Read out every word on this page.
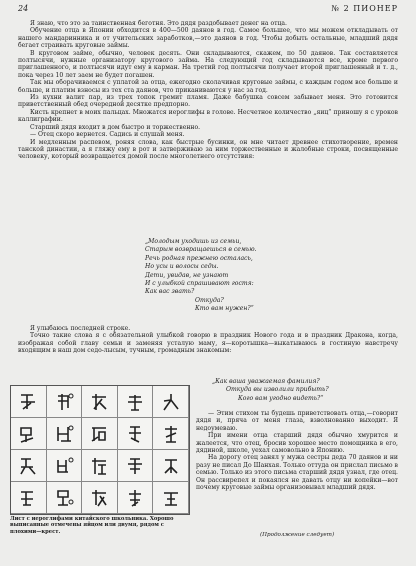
24	№ 2 ПИОНЕР

Я знаю, что это за таинственная беготня. Это дядя раздобывает денег на отца.

Обучение отца в Японии обходится в 400—500 даянов в год. Самое большее, что мы можем откладывать от нашего мандаринника и от учительских заработков,—это даянов в год. Чтобы добыть остальные, младший дядя бегает страивать круговые займы.

В круговом займе, обычно, человек десять. Они складываются, скажем, по 50 даянов. Так составляется полтысячи, нужные организатору кругового займа. На следующий год складываются все, кроме первого приглашенного, и полтысячи идут ему в карман. На третий год полтысячи получает второй приглашенный и т. д., пока через 10 лет заем не будет погашен.

Так мы оборачиваемся с уплатой за отца, ежегодно сколачивая круговые займы, с каждым годом все больше и больше, и платим взносы из тех ста даянов, что приканиваются у нас за год.

Из кухни валит пар, из трех топок гремит пламя. Даже бабушка совсем забывает меня. Это готовится приветственный обед очередной десятке предпорно.

Кисть крепнет в моих пальцах. Множатся иероглифы в голове. Несчетное количество „яиц“ приношу я с уроков каллиграфии.

Старший дядя входит в дом быстро и торжественно.

— Отец скоро вернется. Садись и слушай меня.

И медленным распевом, роняя слова, как быстрые бусинки, он мне читает древнее стихотворение, времен танской династии, а я гляжу ему в рот и затверживаю за ним торжественные и жалобные строки, посвященные человеку, который возвращается домой после многолетнего отсутствия:

„Молодым уходишь из семьи,
Старым возвращаешься в семью.
Речь родная прежнею осталась,
Но усы и волосы седы.
Дети, увидав, не узнают
И с улыбкой спрашивают гостя:
Как вас звать?
Откуда?
Кто вам нужен?“

Я улыбаюсь последней строке.

Точно такие слова я с обязательной улыбкой говорю в праздник Нового года и в праздник Дракона, когда, изображая собой главу семьи и заменяя усталую маму, я—коротышка—выкатываюсь в гостиную навстречу входящим в наш дом седо-лысым, тучным, громадным знакомым:

Лист с иероглифами китайского школьника. Хорошо выписанные отмечены яйцом или двумя, рядом с плохими—крест.
„Как ваша уважаемая фамилия?
Откуда вы изволили прибыть?
Кого вам угодно видеть?“

— Этим стихом ты будешь приветствовать отца,—говорит дядя и, пряча от меня глаза, взволнованно выходит. Я недоумеваю.

При имени отца старший дядя обычно хмурится и жалеется, что отец, бросив хорошее место помощника в его, дядиной, школе, уехал самовольно в Японию.

На дорогу отец занял у мужа сестры деда 70 даянов и ни разу не писал До Шанхая. Только оттуда он прислал письмо в семью. Только из этого письма старший дядя узнал, где отец. Он рассвирепел и покаялся не давать отцу ни копейки—вот почему круговые займы организовывал младший дядя.

(Продолжение следует)
